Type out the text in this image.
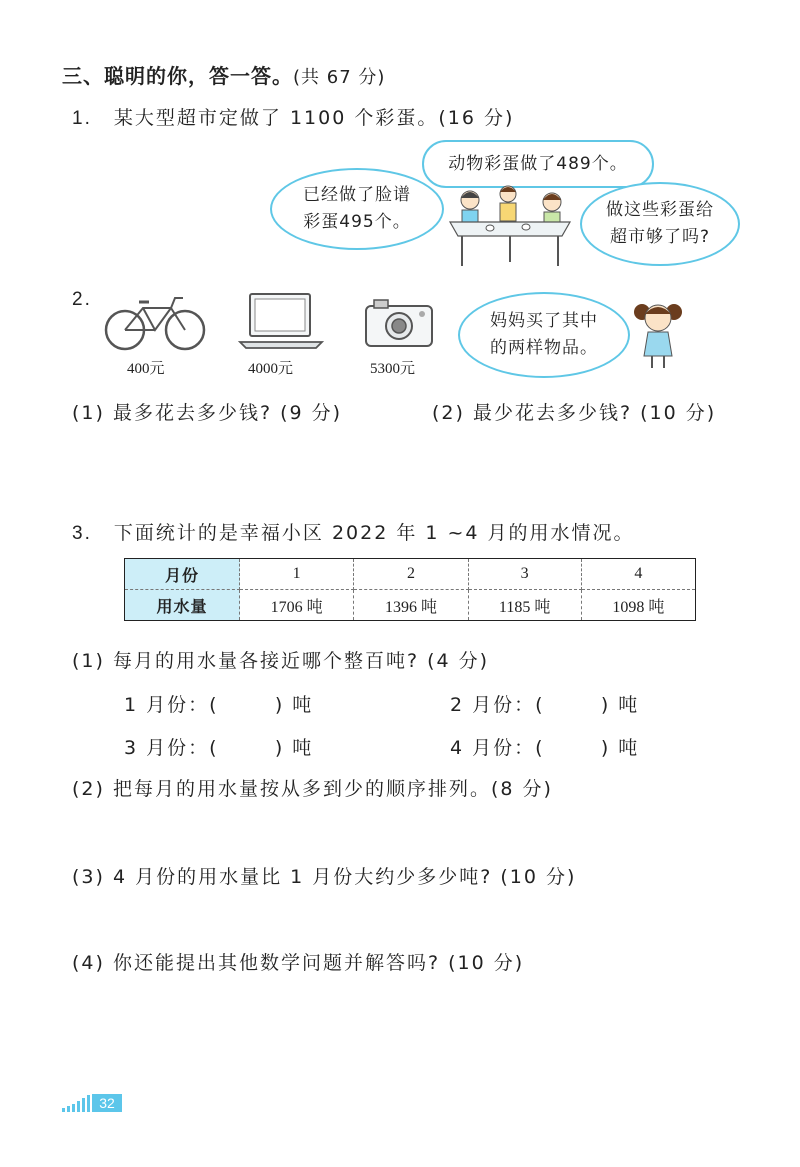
三、聪明的你，答一答。(共 67 分)
1. 某大型超市定做了 1100 个彩蛋。(16 分)
已经做了脸谱
彩蛋495个。
动物彩蛋做了489个。
做这些彩蛋给
超市够了吗?
2.
400元	4000元	5300元
妈妈买了其中
的两样物品。
(1) 最多花去多少钱? (9 分)	(2) 最少花去多少钱? (10 分)
3. 下面统计的是幸福小区 2022 年 1 ~4 月的用水情况。
月份	1	2	3	4
用水量	1706 吨	1396 吨	1185 吨	1098 吨
(1) 每月的用水量各接近哪个整百吨? (4 分)
1 月份：(       ) 吨	2 月份：(       ) 吨
3 月份：(       ) 吨	4 月份：(       ) 吨
(2) 把每月的用水量按从多到少的顺序排列。(8 分)
(3) 4 月份的用水量比 1 月份大约少多少吨? (10 分)
(4) 你还能提出其他数学问题并解答吗? (10 分)
32
